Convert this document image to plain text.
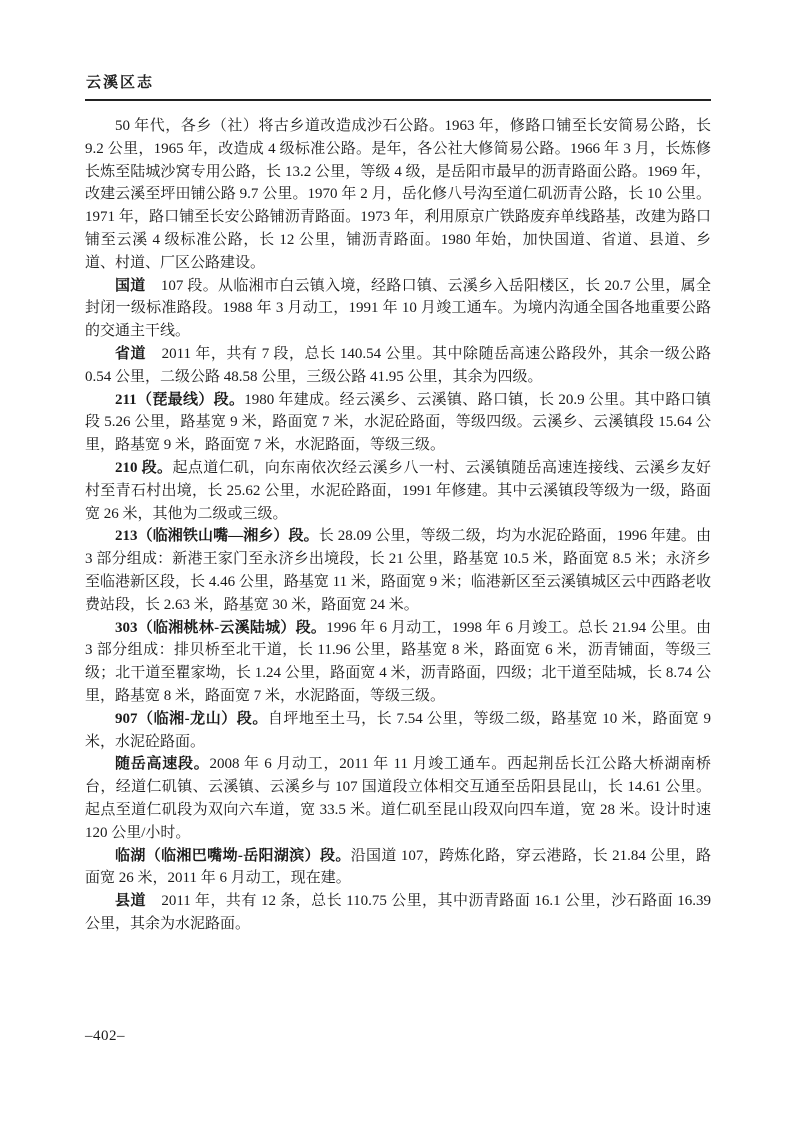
云溪区志

50 年代，各乡（社）将古乡道改造成沙石公路。1963 年，修路口铺至长安简易公路，长 9.2 公里，1965 年，改造成 4 级标准公路。是年，各公社大修简易公路。1966 年 3 月，长炼修长炼至陆城沙窝专用公路，长 13.2 公里，等级 4 级，是岳阳市最早的沥青路面公路。1969 年，改建云溪至坪田铺公路 9.7 公里。1970 年 2 月，岳化修八号沟至道仁矶沥青公路，长 10 公里。1971 年，路口铺至长安公路铺沥青路面。1973 年，利用原京广铁路废弃单线路基，改建为路口铺至云溪 4 级标准公路，长 12 公里，铺沥青路面。1980 年始，加快国道、省道、县道、乡道、村道、厂区公路建设。

国道　107 段。从临湘市白云镇入境，经路口镇、云溪乡入岳阳楼区，长 20.7 公里，属全封闭一级标准路段。1988 年 3 月动工，1991 年 10 月竣工通车。为境内沟通全国各地重要公路的交通主干线。

省道　2011 年，共有 7 段，总长 140.54 公里。其中除随岳高速公路段外，其余一级公路 0.54 公里，二级公路 48.58 公里，三级公路 41.95 公里，其余为四级。

211（琵最线）段。1980 年建成。经云溪乡、云溪镇、路口镇，长 20.9 公里。其中路口镇段 5.26 公里，路基宽 9 米，路面宽 7 米，水泥砼路面，等级四级。云溪乡、云溪镇段 15.64 公里，路基宽 9 米，路面宽 7 米，水泥路面，等级三级。

210 段。起点道仁矶，向东南依次经云溪乡八一村、云溪镇随岳高速连接线、云溪乡友好村至青石村出境，长 25.62 公里，水泥砼路面，1991 年修建。其中云溪镇段等级为一级，路面宽 26 米，其他为二级或三级。

213（临湘铁山嘴—湘乡）段。长 28.09 公里，等级二级，均为水泥砼路面，1996 年建。由 3 部分组成：新港王家门至永济乡出境段，长 21 公里，路基宽 10.5 米，路面宽 8.5 米；永济乡至临港新区段，长 4.46 公里，路基宽 11 米，路面宽 9 米；临港新区至云溪镇城区云中西路老收费站段，长 2.63 米，路基宽 30 米，路面宽 24 米。

303（临湘桃林-云溪陆城）段。1996 年 6 月动工，1998 年 6 月竣工。总长 21.94 公里。由 3 部分组成：排贝桥至北干道，长 11.96 公里，路基宽 8 米，路面宽 6 米，沥青铺面，等级三级；北干道至瞿家坳，长 1.24 公里，路面宽 4 米，沥青路面，四级；北干道至陆城，长 8.74 公里，路基宽 8 米，路面宽 7 米，水泥路面，等级三级。

907（临湘-龙山）段。自坪地至土马，长 7.54 公里，等级二级，路基宽 10 米，路面宽 9 米，水泥砼路面。

随岳高速段。2008 年 6 月动工，2011 年 11 月竣工通车。西起荆岳长江公路大桥湖南桥台，经道仁矶镇、云溪镇、云溪乡与 107 国道段立体相交互通至岳阳县昆山，长 14.61 公里。起点至道仁矶段为双向六车道，宽 33.5 米。道仁矶至昆山段双向四车道，宽 28 米。设计时速 120 公里/小时。

临湖（临湘巴嘴坳-岳阳湖滨）段。沿国道 107，跨炼化路，穿云港路，长 21.84 公里，路面宽 26 米，2011 年 6 月动工，现在建。

县道　2011 年，共有 12 条，总长 110.75 公里，其中沥青路面 16.1 公里，沙石路面 16.39 公里，其余为水泥路面。

–402–
